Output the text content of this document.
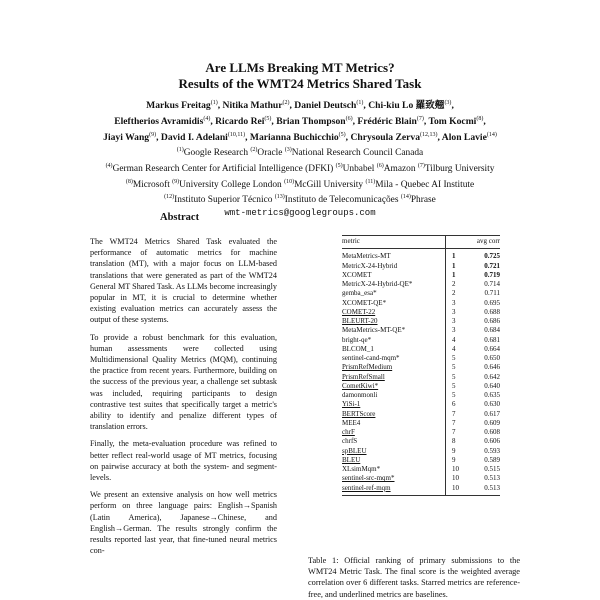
Are LLMs Breaking MT Metrics?
Results of the WMT24 Metrics Shared Task
Markus Freitag$^{(1)}$, Nitika Mathur$^{(2)}$, Daniel Deutsch$^{(1)}$, Chi-kiu Lo 羅致翹$^{(3)}$,
Eleftherios Avramidis$^{(4)}$, Ricardo Rei$^{(5)}$, Brian Thompson$^{(6)}$, Frédéric Blain$^{(7)}$, Tom Kocmi$^{(8)}$,
Jiayi Wang$^{(9)}$, David I. Adelani$^{(10,11)}$, Marianna Buchicchio$^{(5)}$, Chrysoula Zerva$^{(12,13)}$, Alon Lavie$^{(14)}$
$^{(1)}$Google Research $^{(2)}$Oracle $^{(3)}$National Research Council Canada
$^{(4)}$German Research Center for Artificial Intelligence (DFKI) $^{(5)}$Unbabel $^{(6)}$Amazon $^{(7)}$Tilburg University
$^{(8)}$Microsoft $^{(9)}$University College London $^{(10)}$McGill University $^{(11)}$Mila - Quebec AI Institute
$^{(12)}$Instituto Superior Técnico $^{(13)}$Instituto de Telecomunicações $^{(14)}$Phrase
wmt-metrics@googlegroups.com
Abstract

The WMT24 Metrics Shared Task evaluated the performance of automatic metrics for machine translation (MT), with a major focus on LLM-based translations that were generated as part of the WMT24 General MT Shared Task. As LLMs become increasingly popular in MT, it is crucial to determine whether existing evaluation metrics can accurately assess the output of these systems.

To provide a robust benchmark for this evaluation, human assessments were collected using Multidimensional Quality Metrics (MQM), continuing the practice from recent years. Furthermore, building on the success of the previous year, a challenge set subtask was included, requiring participants to design contrastive test suites that specifically target a metric's ability to identify and penalize different types of translation errors.

Finally, the meta-evaluation procedure was refined to better reflect real-world usage of MT metrics, focusing on pairwise accuracy at both the system- and segment-levels.

We present an extensive analysis on how well metrics perform on three language pairs: English→Spanish (Latin America), Japanese→Chinese, and English→German. The results strongly confirm the results reported last year, that fine-tuned neural metrics con-

metric		avg corr
MetaMetrics-MT	1	0.725
MetricX-24-Hybrid	1	0.721
XCOMET	1	0.719
MetricX-24-Hybrid-QE*	2	0.714
gemba_esa*	2	0.711
XCOMET-QE*	3	0.695
COMET-22	3	0.688
BLEURT-20	3	0.686
MetaMetrics-MT-QE*	3	0.684
bright-qe*	4	0.681
BLCOM_1	4	0.664
sentinel-cand-mqm*	5	0.650
PrismRefMedium	5	0.646
PrismRefSmall	5	0.642
CometKiwi*	5	0.640
damonmonli	5	0.635
YiSi-1	6	0.630
BERTScore	7	0.617
MEE4	7	0.609
chrF	7	0.608
chrfS	8	0.606
spBLEU	9	0.593
BLEU	9	0.589
XLsimMqm*	10	0.515
sentinel-src-mqm*	10	0.513
sentinel-ref-mqm	10	0.513
Table 1: Official ranking of primary submissions to the WMT24 Metric Task. The final score is the weighted average correlation over 6 different tasks. Starred metrics are reference-free, and underlined metrics are baselines.
